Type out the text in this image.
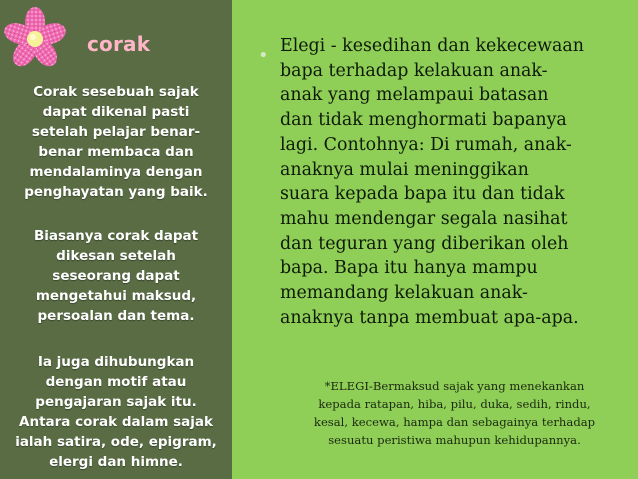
corak
Corak sesebuah sajak
dapat dikenal pasti
setelah pelajar benar-
benar membaca dan
mendalaminya dengan
penghayatan yang baik.
Biasanya corak dapat
dikesan setelah
seseorang dapat
mengetahui maksud,
persoalan dan tema.
Ia juga dihubungkan
dengan motif atau
pengajaran sajak itu.
Antara corak dalam sajak
ialah satira, ode, epigram,
elergi dan himne.
• Elegi - kesedihan dan kekecewaan
bapa terhadap kelakuan anak-
anak yang melampaui batasan
dan tidak menghormati bapanya
lagi. Contohnya: Di rumah, anak-
anaknya mulai meninggikan
suara kepada bapa itu dan tidak
mahu mendengar segala nasihat
dan teguran yang diberikan oleh
bapa. Bapa itu hanya mampu
memandang kelakuan anak-
anaknya tanpa membuat apa-apa.
*ELEGI-Bermaksud sajak yang menekankan
kepada ratapan, hiba, pilu, duka, sedih, rindu,
kesal, kecewa, hampa dan sebagainya terhadap
sesuatu peristiwa mahupun kehidupannya.
